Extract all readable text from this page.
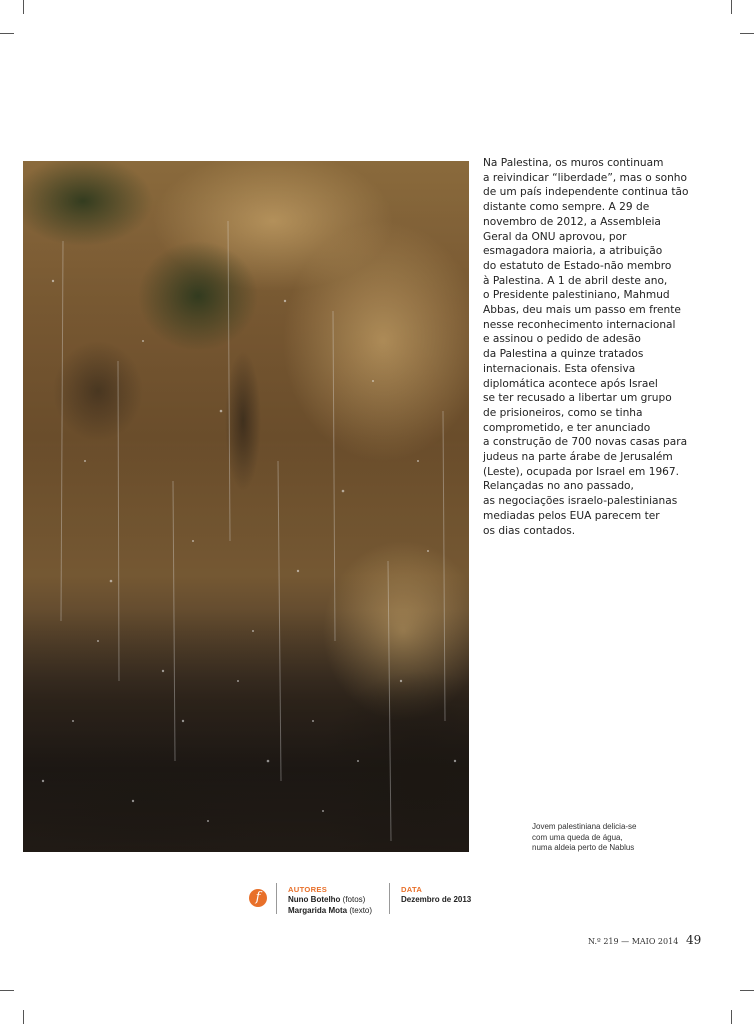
Na Palestina, os muros continuam
a reivindicar “liberdade”, mas o sonho
de um país independente continua tão
distante como sempre. A 29 de
novembro de 2012, a Assembleia
Geral da ONU aprovou, por
esmagadora maioria, a atribuição
do estatuto de Estado-não membro
à Palestina. A 1 de abril deste ano,
o Presidente palestiniano, Mahmud
Abbas, deu mais um passo em frente
nesse reconhecimento internacional
e assinou o pedido de adesão
da Palestina a quinze tratados
internacionais. Esta ofensiva
diplomática acontece após Israel
se ter recusado a libertar um grupo
de prisioneiros, como se tinha
comprometido, e ter anunciado
a construção de 700 novas casas para
judeus na parte árabe de Jerusalém
(Leste), ocupada por Israel em 1967.
Relançadas no ano passado,
as negociações israelo-palestinianas
mediadas pelos EUA parecem ter
os dias contados.

Jovem palestiniana delicia-se
com uma queda de água,
numa aldeia perto de Nablus
f
AUTORES
Nuno Botelho (fotos)
Margarida Mota (texto)
DATA
Dezembro de 2013
N.º 219 — MAIO 2014 49
